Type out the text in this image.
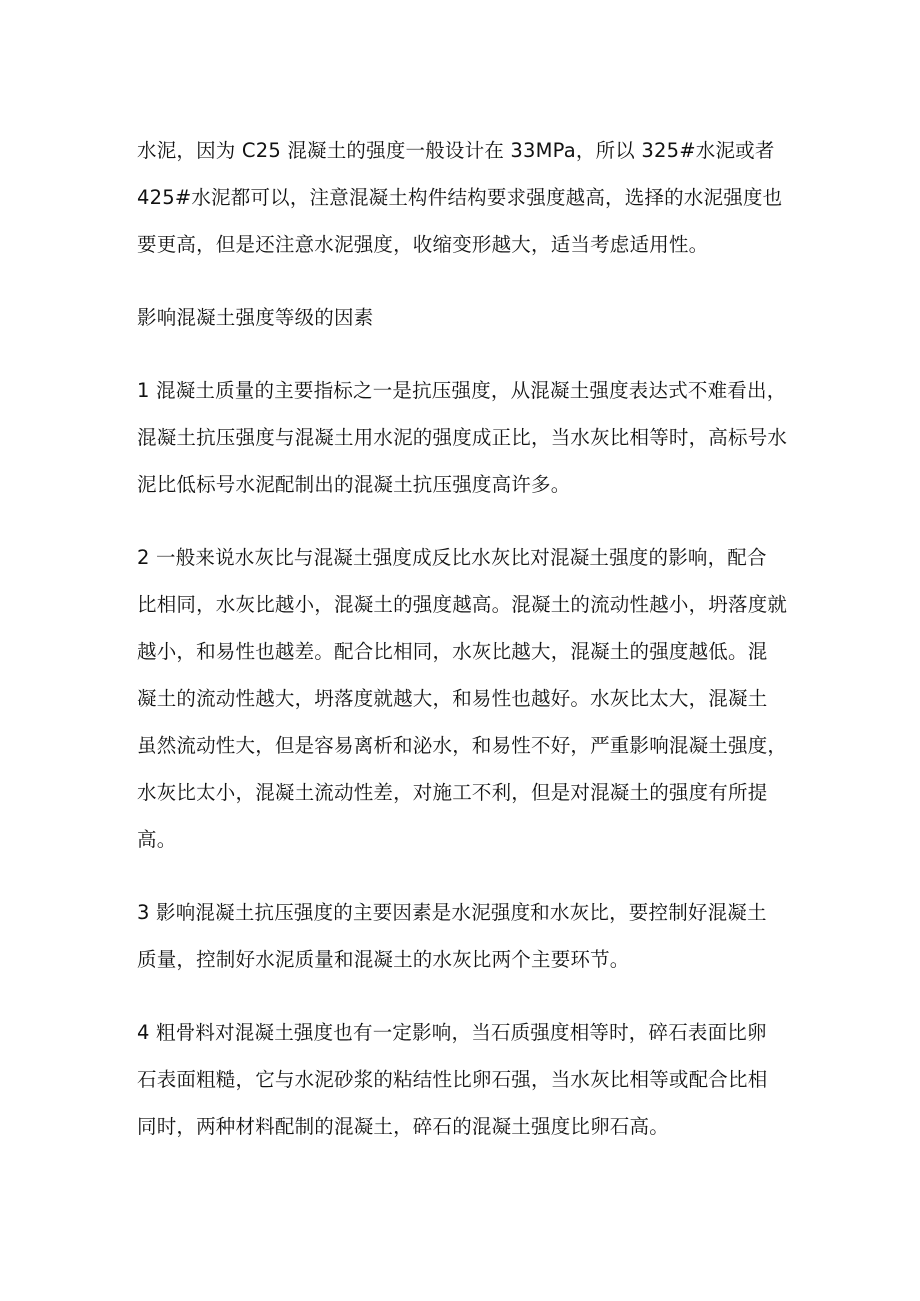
水泥，因为 C25 混凝土的强度一般设计在 33MPa，所以 325#水泥或者
425#水泥都可以，注意混凝土构件结构要求强度越高，选择的水泥强度也
要更高，但是还注意水泥强度，收缩变形越大，适当考虑适用性。
影响混凝土强度等级的因素
1 混凝土质量的主要指标之一是抗压强度，从混凝土强度表达式不难看出，
混凝土抗压强度与混凝土用水泥的强度成正比，当水灰比相等时，高标号水
泥比低标号水泥配制出的混凝土抗压强度高许多。
2 一般来说水灰比与混凝土强度成反比水灰比对混凝土强度的影响，配合
比相同，水灰比越小，混凝土的强度越高。混凝土的流动性越小，坍落度就
越小，和易性也越差。配合比相同，水灰比越大，混凝土的强度越低。混
凝土的流动性越大，坍落度就越大，和易性也越好。水灰比太大，混凝土
虽然流动性大，但是容易离析和泌水，和易性不好，严重影响混凝土强度，
水灰比太小，混凝土流动性差，对施工不利，但是对混凝土的强度有所提
高。
3 影响混凝土抗压强度的主要因素是水泥强度和水灰比，要控制好混凝土
质量，控制好水泥质量和混凝土的水灰比两个主要环节。
4 粗骨料对混凝土强度也有一定影响，当石质强度相等时，碎石表面比卵
石表面粗糙，它与水泥砂浆的粘结性比卵石强，当水灰比相等或配合比相
同时，两种材料配制的混凝土，碎石的混凝土强度比卵石高。
